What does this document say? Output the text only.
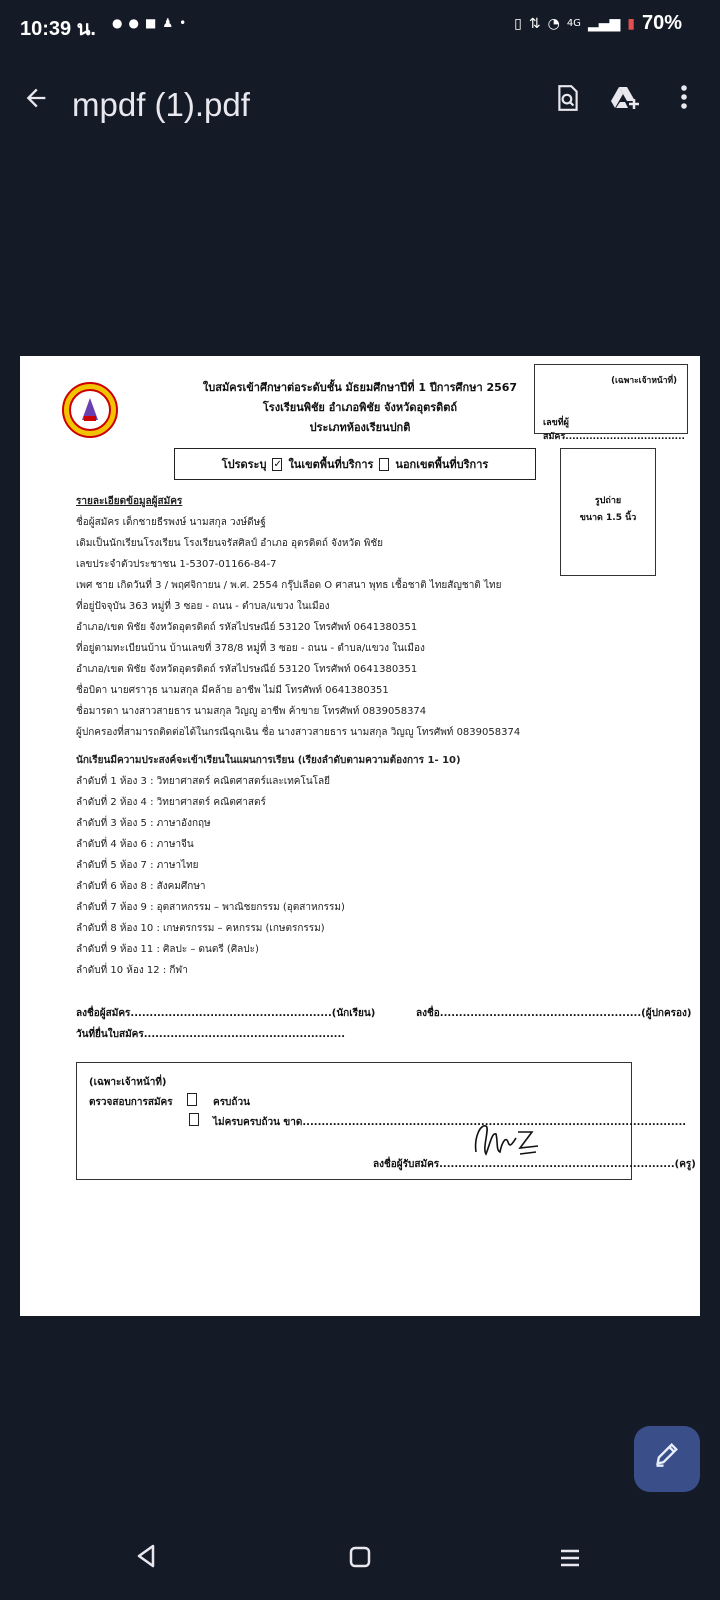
10:39 น. ● ● ■ ♟ •	▯ ⇅ ◔ 4G ▂▄▆ ▮ 70%
mpdf (1).pdf
ใบสมัครเข้าศึกษาต่อระดับชั้น มัธยมศึกษาปีที่ 1 ปีการศึกษา 2567
โรงเรียนพิชัย อำเภอพิชัย จังหวัดอุตรดิตถ์
ประเภทห้องเรียนปกติ
(เฉพาะเจ้าหน้าที่)
เลขที่ผู้สมัคร...................................
โปรดระบุ ✓ ในเขตพื้นที่บริการ นอกเขตพื้นที่บริการ
รูปถ่าย
ขนาด 1.5 นิ้ว
รายละเอียดข้อมูลผู้สมัคร
ชื่อผู้สมัคร เด็กชายธีรพงษ์ นามสกุล วงษ์ดีษฐ์
เดิมเป็นนักเรียนโรงเรียน โรงเรียนจรัสศิลป์ อำเภอ อุตรดิตถ์ จังหวัด พิชัย
เลขประจำตัวประชาชน 1-5307-01166-84-7
เพศ ชาย เกิดวันที่ 3 / พฤศจิกายน / พ.ศ. 2554 กรุ๊ปเลือด O ศาสนา พุทธ เชื้อชาติ ไทยสัญชาติ ไทย
ที่อยู่ปัจจุบัน 363 หมู่ที่ 3 ซอย - ถนน - ตำบล/แขวง ในเมือง
อำเภอ/เขต พิชัย จังหวัดอุตรดิตถ์ รหัสไปรษณีย์ 53120 โทรศัพท์ 0641380351
ที่อยู่ตามทะเบียนบ้าน บ้านเลขที่ 378/8 หมู่ที่ 3 ซอย - ถนน - ตำบล/แขวง ในเมือง
อำเภอ/เขต พิชัย จังหวัดอุตรดิตถ์ รหัสไปรษณีย์ 53120 โทรศัพท์ 0641380351
ชื่อบิดา นายศราวุธ นามสกุล มีคล้าย อาชีพ ไม่มี โทรศัพท์ 0641380351
ชื่อมารดา นางสาวสายธาร นามสกุล วิญญู อาชีพ ค้าขาย โทรศัพท์ 0839058374
ผู้ปกครองที่สามารถติดต่อได้ในกรณีฉุกเฉิน ชื่อ นางสาวสายธาร นามสกุล วิญญู โทรศัพท์ 0839058374
นักเรียนมีความประสงค์จะเข้าเรียนในแผนการเรียน (เรียงลำดับตามความต้องการ 1- 10)
ลำดับที่ 1 ห้อง 3 : วิทยาศาสตร์ คณิตศาสตร์และเทคโนโลยี
ลำดับที่ 2 ห้อง 4 : วิทยาศาสตร์ คณิตศาสตร์
ลำดับที่ 3 ห้อง 5 : ภาษาอังกฤษ
ลำดับที่ 4 ห้อง 6 : ภาษาจีน
ลำดับที่ 5 ห้อง 7 : ภาษาไทย
ลำดับที่ 6 ห้อง 8 : สังคมศึกษา
ลำดับที่ 7 ห้อง 9 : อุตสาหกรรม – พาณิชยกรรม (อุตสาหกรรม)
ลำดับที่ 8 ห้อง 10 : เกษตรกรรม – คหกรรม (เกษตรกรรม)
ลำดับที่ 9 ห้อง 11 : ศิลปะ – ดนตรี (ศิลปะ)
ลำดับที่ 10 ห้อง 12 : กีฬา
ลงชื่อผู้สมัคร.....................................................(นักเรียน)	ลงชื่อ.....................................................(ผู้ปกครอง)
วันที่ยื่นใบสมัคร.....................................................
(เฉพาะเจ้าหน้าที่)
ตรวจสอบการสมัคร	ครบถ้วน
ไม่ครบครบถ้วน ขาด.....................................................................................................
ลงชื่อผู้รับสมัคร..............................................................(ครู)
